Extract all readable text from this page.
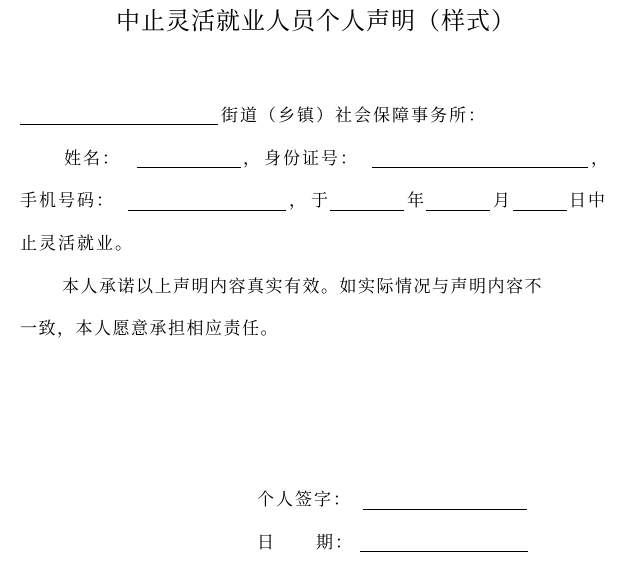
中止灵活就业人员个人声明（样式）
街道（乡镇）社会保障事务所：
姓名：	， 身份证号：	，
手机号码：	， 于	年	月	日中
止灵活就业。
本人承诺以上声明内容真实有效。如实际情况与声明内容不
一致，本人愿意承担相应责任。
个人签字：
日 期：
